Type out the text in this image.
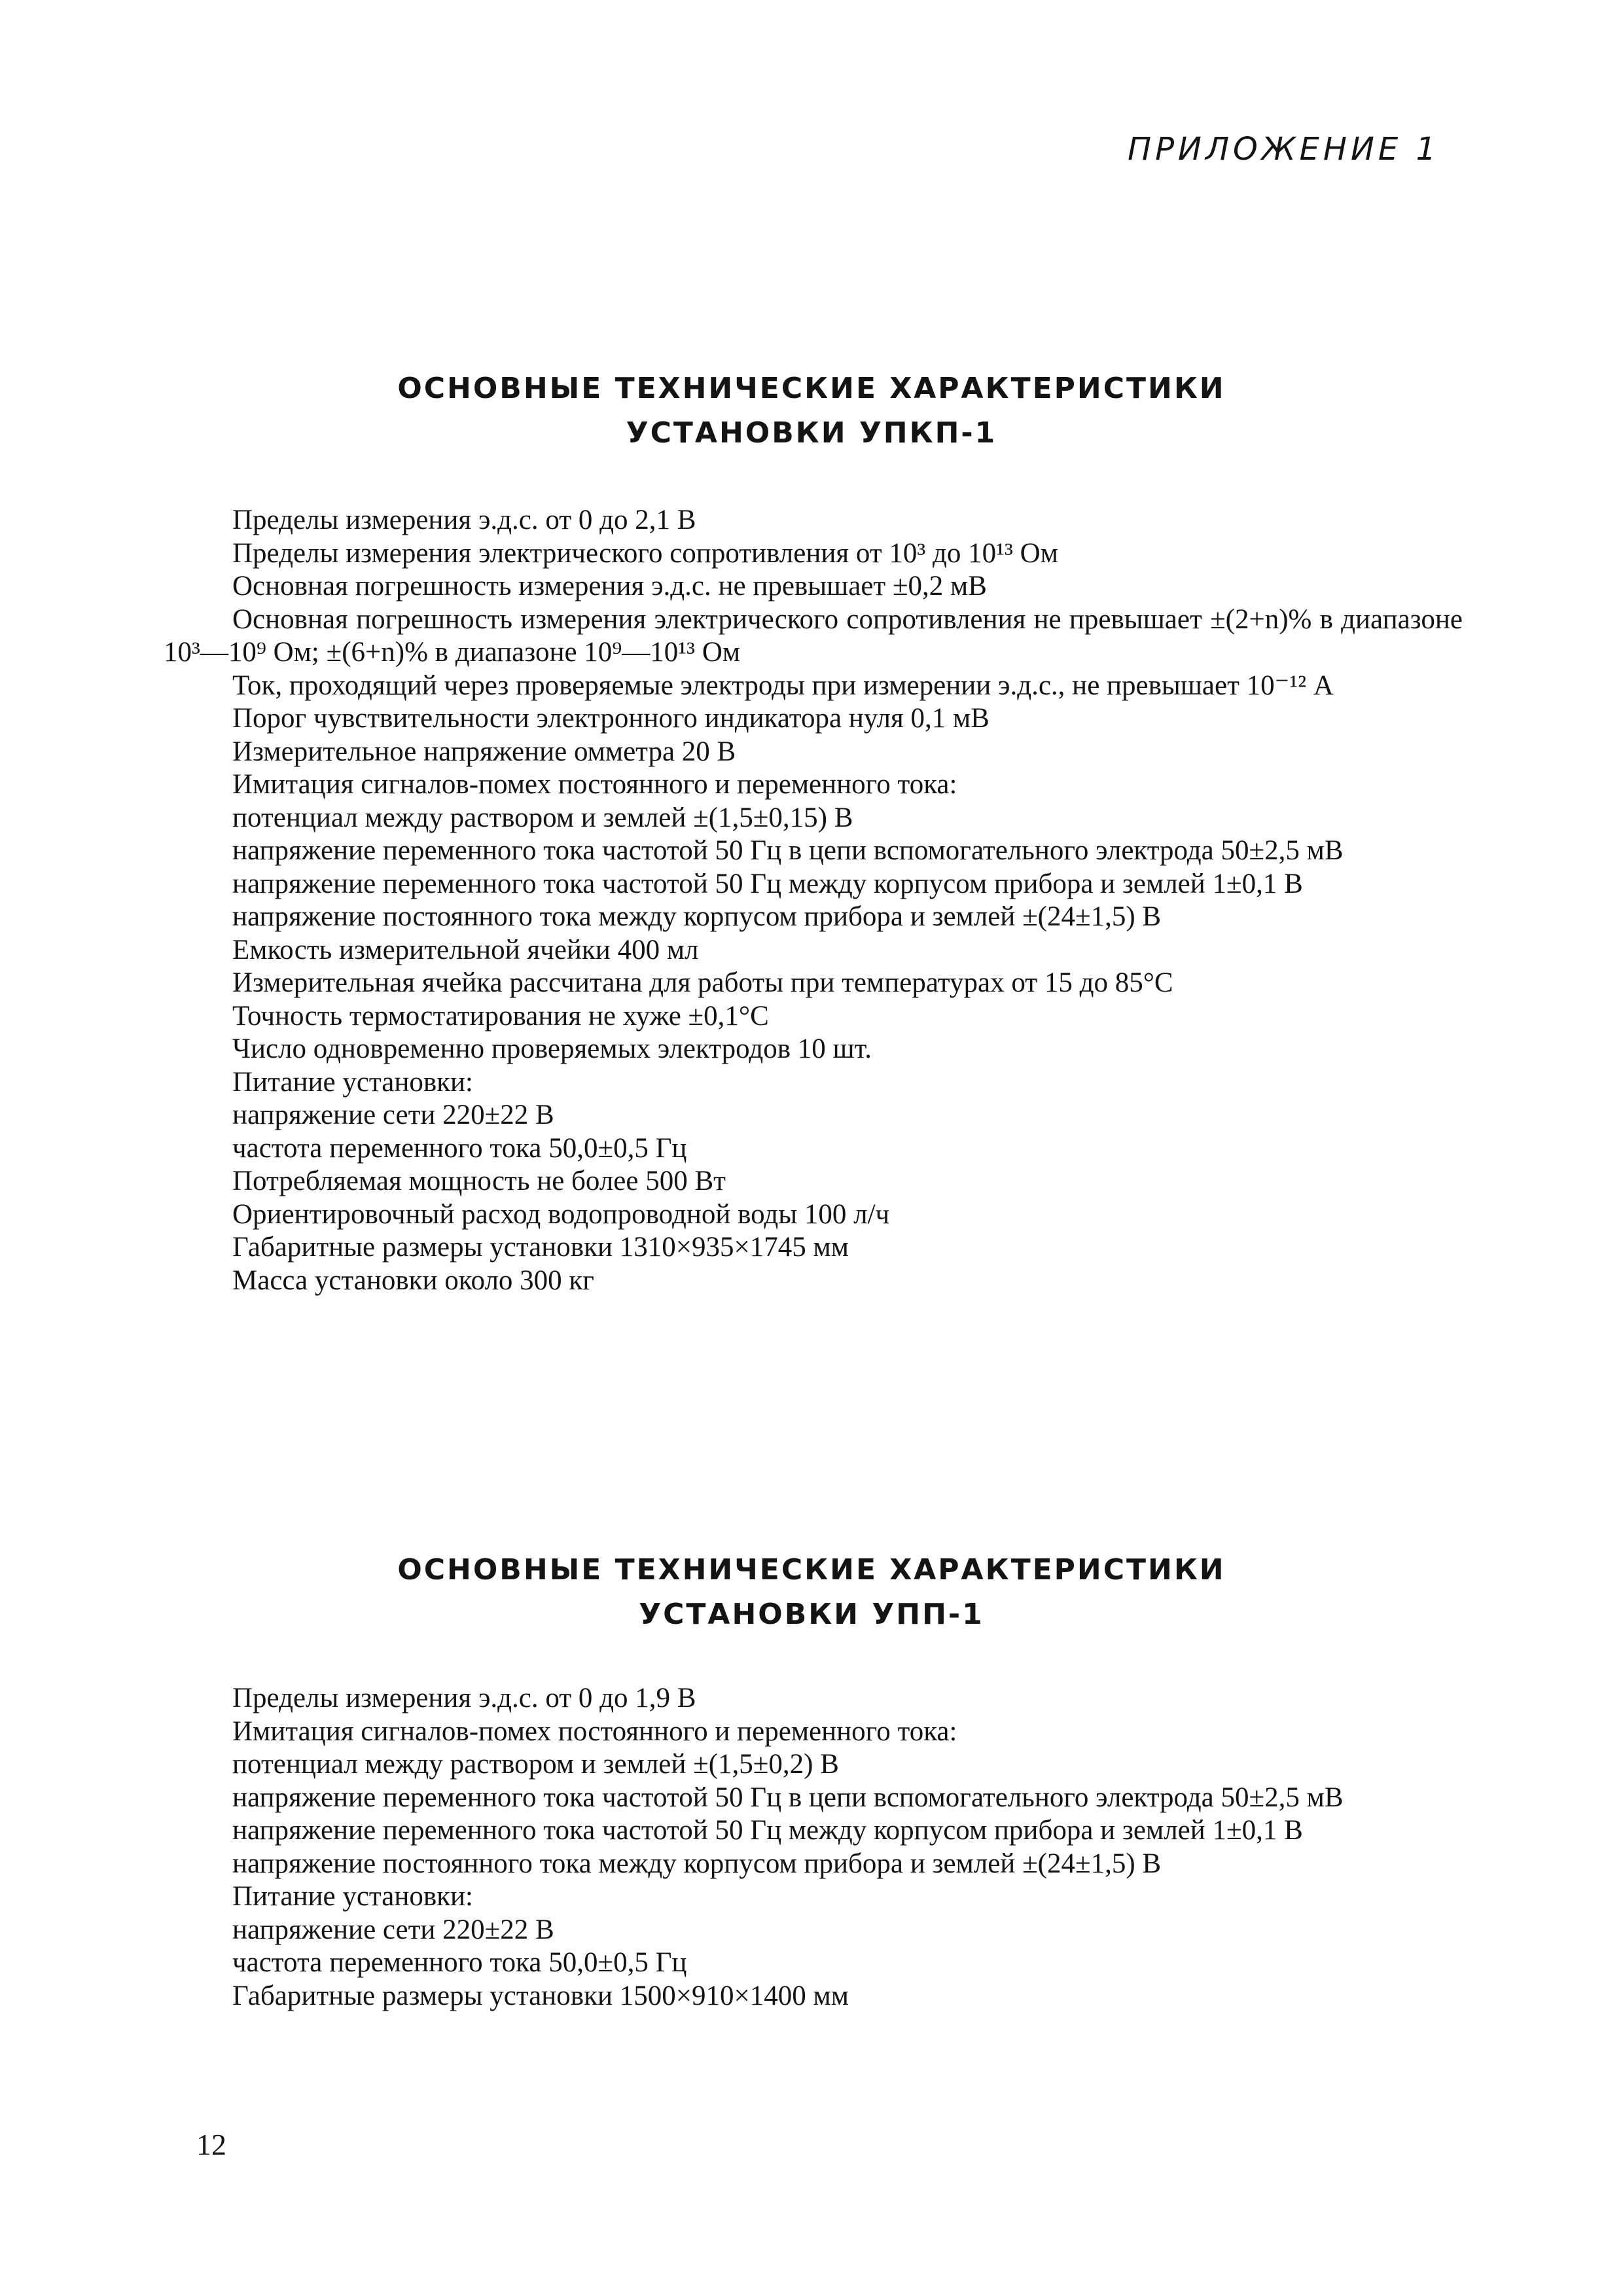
ПРИЛОЖЕНИЕ 1
ОСНОВНЫЕ ТЕХНИЧЕСКИЕ ХАРАКТЕРИСТИКИ
УСТАНОВКИ УПКП-1
Пределы измерения э.д.с. от 0 до 2,1 В
Пределы измерения электрического сопротивления от 10³ до 10¹³ Ом
Основная погрешность измерения э.д.с. не превышает ±0,2 мВ
Основная погрешность измерения электрического сопротивления не превышает ±(2+n)% в диапазоне 10³—10⁹ Ом; ±(6+n)% в диапазоне 10⁹—10¹³ Ом
Ток, проходящий через проверяемые электроды при измерении э.д.с., не превышает 10⁻¹² А
Порог чувствительности электронного индикатора нуля 0,1 мВ
Измерительное напряжение омметра 20 В
Имитация сигналов-помех постоянного и переменного тока:
потенциал между раствором и землей ±(1,5±0,15) В
напряжение переменного тока частотой 50 Гц в цепи вспомогательного электрода 50±2,5 мВ
напряжение переменного тока частотой 50 Гц между корпусом прибора и землей 1±0,1 В
напряжение постоянного тока между корпусом прибора и землей ±(24±1,5) В
Емкость измерительной ячейки 400 мл
Измерительная ячейка рассчитана для работы при температурах от 15 до 85°С
Точность термостатирования не хуже ±0,1°С
Число одновременно проверяемых электродов 10 шт.
Питание установки:
напряжение сети 220±22 В
частота переменного тока 50,0±0,5 Гц
Потребляемая мощность не более 500 Вт
Ориентировочный расход водопроводной воды 100 л/ч
Габаритные размеры установки 1310×935×1745 мм
Масса установки около 300 кг
ОСНОВНЫЕ ТЕХНИЧЕСКИЕ ХАРАКТЕРИСТИКИ
УСТАНОВКИ УПП-1
Пределы измерения э.д.с. от 0 до 1,9 В
Имитация сигналов-помех постоянного и переменного тока:
потенциал между раствором и землей ±(1,5±0,2) В
напряжение переменного тока частотой 50 Гц в цепи вспомогательного электрода 50±2,5 мВ
напряжение переменного тока частотой 50 Гц между корпусом прибора и землей 1±0,1 В
напряжение постоянного тока между корпусом прибора и землей ±(24±1,5) В
Питание установки:
напряжение сети 220±22 В
частота переменного тока 50,0±0,5 Гц
Габаритные размеры установки 1500×910×1400 мм
12
